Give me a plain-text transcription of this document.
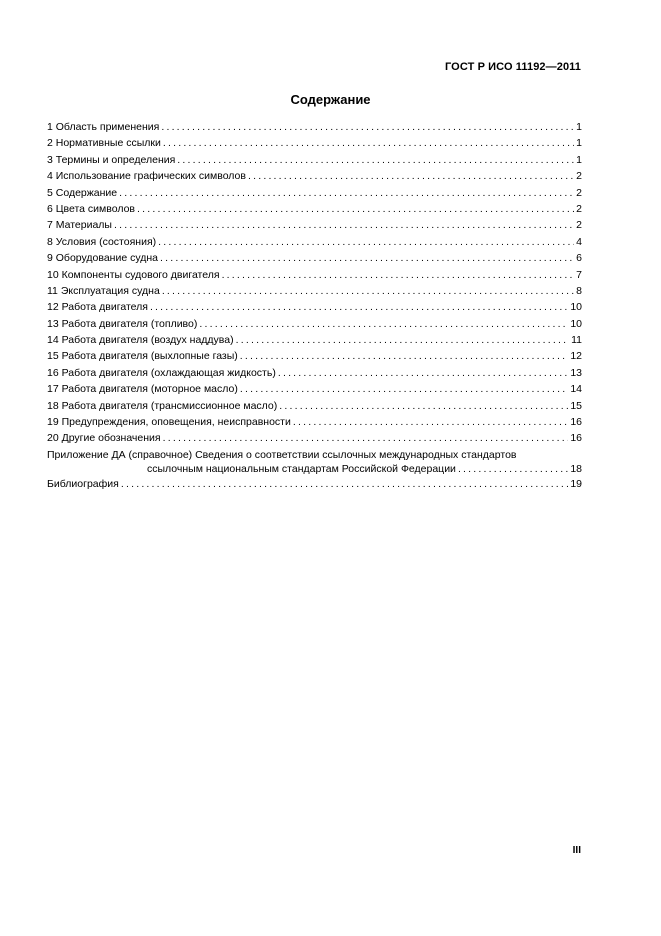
ГОСТ Р ИСО 11192—2011
Содержание
1 Область применения .....	1
2 Нормативные ссылки .....	1
3 Термины и определения .....	1
4 Использование графических символов .....	2
5 Содержание .....	2
6 Цвета символов .....	2
7 Материалы .....	2
8 Условия (состояния) .....	4
9 Оборудование судна .....	6
10 Компоненты судового двигателя .....	7
11 Эксплуатация судна .....	8
12 Работа двигателя .....	10
13 Работа двигателя (топливо) .....	10
14 Работа двигателя (воздух наддува) .....	11
15 Работа двигателя (выхлопные газы) .....	12
16 Работа двигателя (охлаждающая жидкость) .....	13
17 Работа двигателя (моторное масло) .....	14
18 Работа двигателя (трансмиссионное масло) .....	15
19 Предупреждения, оповещения, неисправности .....	16
20 Другие обозначения .....	16
Приложение ДА (справочное) Сведения о соответствии ссылочных международных стандартов
ссылочным национальным стандартам Российской Федерации .....	18
Библиография .....	19
III
